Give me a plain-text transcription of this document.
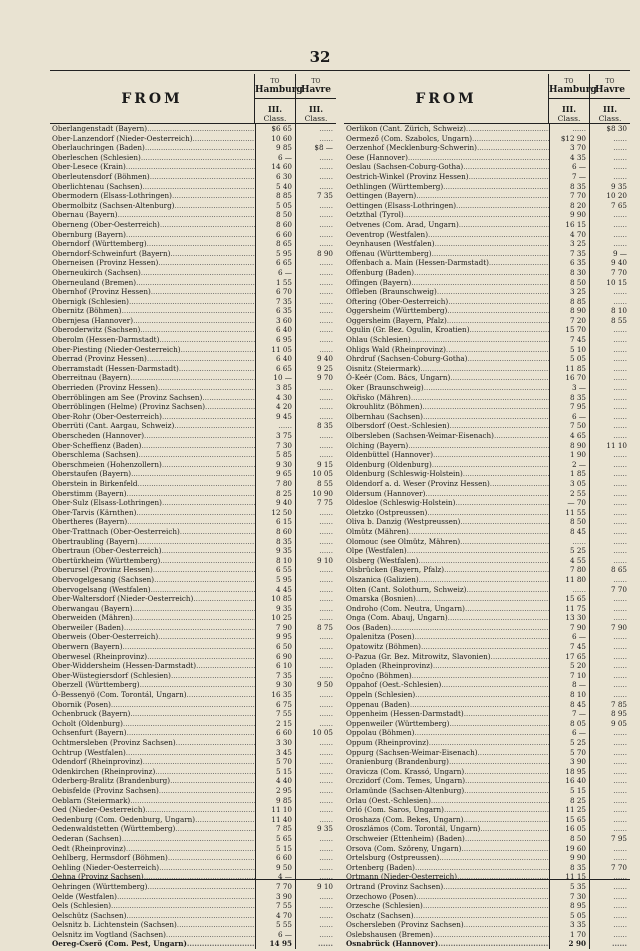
32
FROM
TO
Hamburg
III.
Class.
TO
Havre
III.
Class.
Oberlangenstadt (Bayern) .....	$6 65
......
Ober-Lanzendorf (Nieder-Oesterreich) .....	10 60
......
Oberlauchringen (Baden) .....	9 85	$8 —
Oberleschen (Schlesien) .....	6 —
......
Ober-Lesece (Krain) .....	14 60
......
Oberleutensdorf (Böhmen) .....	6 30
......
Oberlichtenau (Sachsen) .....	5 40
......
Obermodern (Elsass-Lothringen) .....	8 85	7 35
Obermolbitz (Sachsen-Altenburg) .....	5 05
......
Obernau (Bayern) .....	8 50
......
Oberneng (Ober-Oesterreich) .....	8 60
......
Obernburg (Bayern) .....	6 60
......
Oberndorf (Württemberg) .....	8 65
......
Oberndorf-Schweinfurt (Bayern) .....	5 95	8 90
Oberneisen (Provinz Hessen) .....	6 65
......
Oberneukirch (Sachsen) .....	6 —
......
Oberneuland (Bremen) .....	1 55
......
Obernhof (Provinz Hessen) .....	6 70
......
Obernigk (Schlesien) .....	7 35
......
Obernitz (Böhmen) .....	6 35
......
Obernjesa (Hannover) .....	3 60
......
Oberoderwitz (Sachsen) .....	6 40
......
Oberolm (Hessen-Darmstadt) .....	6 95
......
Ober-Piesting (Nieder-Oesterreich) .....	11 05
......
Oberrad (Provinz Hessen) .....	6 40	9 40
Oberramstadt (Hessen-Darmstadt) .....	6 65	9 25
Oberreitnau (Bayern) .....	10 —	9 70
Oberrieden (Provinz Hessen) .....	3 85
......
Oberröblingen am See (Provinz Sachsen) .....	4 30
......
Oberröblingen (Helme) (Provinz Sachsen) .....	4 20
......
Ober-Rohr (Ober-Oesterreich) .....	9 45
......
Oberrüti (Cant. Aargau, Schweiz) ..... ......	8 35
Oberscheden (Hannover) .....	3 75
......
Ober-Scheffienz (Baden) .....	7 30
......
Oberschlema (Sachsen) .....	5 85
......
Oberschmeien (Hohenzollern) .....	9 30	9 15
Oberstaufen (Bayern) .....	9 65	10 05
Oberstein in Birkenfeld .....	7 80	8 55
Oberstimm (Bayern) .....	8 25	10 90
Ober-Sulz (Elsass-Lothringen) .....	9 40	7 75
Ober-Tarvis (Kärnthen) .....	12 50
......
Obertheres (Bayern) .....	6 15
......
Ober-Trattnach (Ober-Oesterreich) .....	8 60
......
Obertraubling (Bayern) .....	8 35
......
Obertraun (Ober-Oesterreich) .....	9 35
......
Obertürkheim (Württemberg) .....	8 10	9 10
Oberursel (Provinz Hessen) .....	6 55
......
Obervogelgesang (Sachsen) .....	5 95
......
Obervogelsang (Westfalen) .....	4 45
......
Ober-Waltersdorf (Nieder-Oesterreich) .....	10 85
......
Oberwangau (Bayern) .....	9 35
......
Oberweiden (Mähren) .....	10 25
......
Oberweiler (Baden) .....	7 90	8 75
Oberweis (Ober-Oesterreich) .....	9 95
......
Oberwern (Bayern) .....	6 50
......
Oberwesel (Rheinprovinz) .....	6 90
......
Ober-Widdersheim (Hessen-Darmstadt) .....	6 10
......
Ober-Wüstegiersdorf (Schlesien) .....	7 35
......
Oberzell (Württemberg) .....	9 30	9 50
Ó-Bessenyö (Com. Torontál, Ungarn) .....	16 35
......
Obornik (Posen) .....	6 75
......
Ochenbruck (Bayern) .....	7 55
......
Ocholt (Oldenburg) .....	2 15
......
Ochsenfurt (Bayern) .....	6 60	10 05
Ochtmersleben (Provinz Sachsen) .....	3 30
......
Ochtrup (Westfalen) .....	3 45
......
Odendorf (Rheinprovinz) .....	5 70
......
Odenkirchen (Rheinprovinz) .....	5 15
......
Oderberg-Bralitz (Brandenburg) .....	4 40
......
Oebisfelde (Provinz Sachsen) .....	2 95
......
Oeblarn (Steiermark) .....	9 85
......
Oed (Nieder-Oesterreich) .....	11 10
......
Oedenburg (Com. Oedenburg, Ungarn) .....	11 40
......
Oedenwaldstetten (Württemberg) .....	7 85	9 35
Oederan (Sachsen) .....	5 65
......
Oedt (Rheinprovinz) .....	5 15
......
Oehlberg, Hermsdorf (Böhmen) .....	6 60
......
Oehling (Nieder-Oesterreich) .....	9 50
......
Oehna (Provinz Sachsen) .....	4 —
......
Oehringen (Württemberg) .....	7 70	9 10
Oelde (Westfalen) .....	3 90
......
Oels (Schlesien) .....	7 55
......
Oelschütz (Sachsen) .....	4 70
......
Oelsnitz b. Lichtenstein (Sachsen) .....	5 55
......
Oelsnitz im Vogtland (Sachsen) .....	6 —
......
Oereg-Cserö (Com. Pest, Ungarn) .....	14 95
......
FROM
TO
Hamburg
III.
Class.
TO
Havre
III.
Class.
Oerlikon (Cant. Zürich, Schweiz) ..... ......	$8 30
Oermező (Com. Szabolcs, Ungarn) .....	$12 90
......
Oerzenhof (Mecklenburg-Schwerin) .....	3 70
......
Oese (Hannover) .....	4 35
......
Oeslau (Sachsen-Coburg-Gotha) .....	6 —
......
Oestrich-Winkel (Provinz Hessen) .....	7 —
......
Oethlingen (Württemberg) .....	8 35	9 35
Oettingen (Bayern) .....	7 70	10 20
Oettingen (Elsass-Lothringen) .....	8 20	7 65
Oetzthal (Tyrol) .....	9 90
......
Oetvenes (Com. Arad, Ungarn) .....	16 15
......
Oeventrop (Westfalen) .....	4 70
......
Oeynhausen (Westfalen) .....	3 25
......
Offenau (Württemberg) .....	7 35	9 —
Offenbach a. Main (Hessen-Darmstadt) .....	6 35	9 40
Offenburg (Baden) .....	8 30	7 70
Offingen (Bayern) .....	8 50	10 15
Offleben (Braunschweig) .....	3 25
......
Oftering (Ober-Oesterreich) .....	8 85
......
Oggersheim (Württemberg) .....	8 90	8 10
Oggersheim (Bayern, Pfalz) .....	7 20	8 55
Ogulin (Gr. Bez. Ogulin, Kroatien) .....	15 70
......
Ohlau (Schlesien) .....	7 45
......
Ohligs Wald (Rheinprovinz) .....	5 10
......
Ohrdruf (Sachsen-Coburg-Gotha) .....	5 05
......
Oisnitz (Steiermark) .....	11 85
......
Ó-Keér (Com. Bács, Ungarn) .....	16 70
......
Oker (Braunschweig) .....	3 —
......
Okřisko (Mähren) .....	8 35
......
Okrouhlitz (Böhmen) .....	7 95
......
Olbernhau (Sachsen) .....	6 —
......
Olbersdorf (Oest.-Schlesien) .....	7 50
......
Olbersleben (Sachsen-Weimar-Eisenach) .....	4 65
......
Olching (Bayern) .....	8 90	11 10
Oldenbüttel (Hannover) .....	1 90
......
Oldenburg (Oldenburg) .....	2 —
......
Oldenburg (Schleswig-Holstein) .....	1 85
......
Oldendorf a. d. Weser (Provinz Hessen) .....	3 05
......
Oldersum (Hannover) .....	2 55
......
Oldesloe (Schleswig-Holstein) .....	— 70
......
Oletzko (Ostpreussen) .....	11 55
......
Oliva b. Danzig (Westpreussen) .....	8 50
......
Olmütz (Mähren) .....	8 45
......
Olomouc (see Olmütz, Mähren) .....
......
......
Olpe (Westfalen) .....	5 25
......
Olsberg (Westfalen) .....	4 55
......
Olsbrücken (Bayern, Pfalz) .....	7 80	8 65
Olszanica (Galizien) .....	11 80
......
Olten (Cant. Solothurn, Schweiz) ..... ......	7 70
Omarska (Bosnien) .....	15 65
......
Ondroho (Com. Neutra, Ungarn) .....	11 75
......
Onga (Com. Abauj, Ungarn) .....	13 30
......
Oos (Baden) .....	7 90	7 90
Opalenitza (Posen) .....	6 —
......
Opatowitz (Böhmen) .....	7 45
......
O-Pazua (Gr. Bez. Mitrowitz, Slavonien) .....	17 65
......
Opladen (Rheinprovinz) .....	5 20
......
Opočno (Böhmen) .....	7 10
......
Oppahof (Oest.-Schlesien) .....	8 —
......
Oppeln (Schlesien) .....	8 10
......
Oppenau (Baden) .....	8 45	7 85
Oppenheim (Hessen-Darmstadt) .....	7 —	8 95
Oppenweiler (Württemberg) .....	8 05	9 05
Oppolau (Böhmen) .....	6 —
......
Oppum (Rheinprovinz) .....	5 25
......
Oppurg (Sachsen-Weimar-Eisenach) .....	5 70
......
Oranienburg (Brandenburg) .....	3 90
......
Oravicza (Com. Krassó, Ungarn) .....	18 95
......
Orczidorf (Com. Temes, Ungarn) .....	16 40
......
Orlamünde (Sachsen-Altenburg) .....	5 15
......
Orlau (Oest.-Schlesien) .....	8 25
......
Orló (Com. Saros, Ungarn) .....	11 25
......
Oroshaza (Com. Bekes, Ungarn) .....	15 65
......
Oroszlámos (Com. Torontál, Ungarn) .....	16 05
......
Orschweier (Ettenheim) (Baden) .....	8 50	7 95
Orsova (Com. Szöreny, Ungarn) .....	19 60
......
Ortelsburg (Ostpreussen) .....	9 90
......
Ortenberg (Baden) .....	8 35	7 70
Ortmann (Nieder-Oesterreich) .....	11 15
......
Ortrand (Provinz Sachsen) .....	5 35
......
Orzechowo (Posen) .....	7 30
......
Orzesche (Schlesien) .....	8 95
......
Oschatz (Sachsen) .....	5 05
......
Oschersleben (Provinz Sachsen) .....	3 35
......
Oslebshausen (Bremen) .....	1 70
......
Osnabrück (Hannover) .....	2 90
......
